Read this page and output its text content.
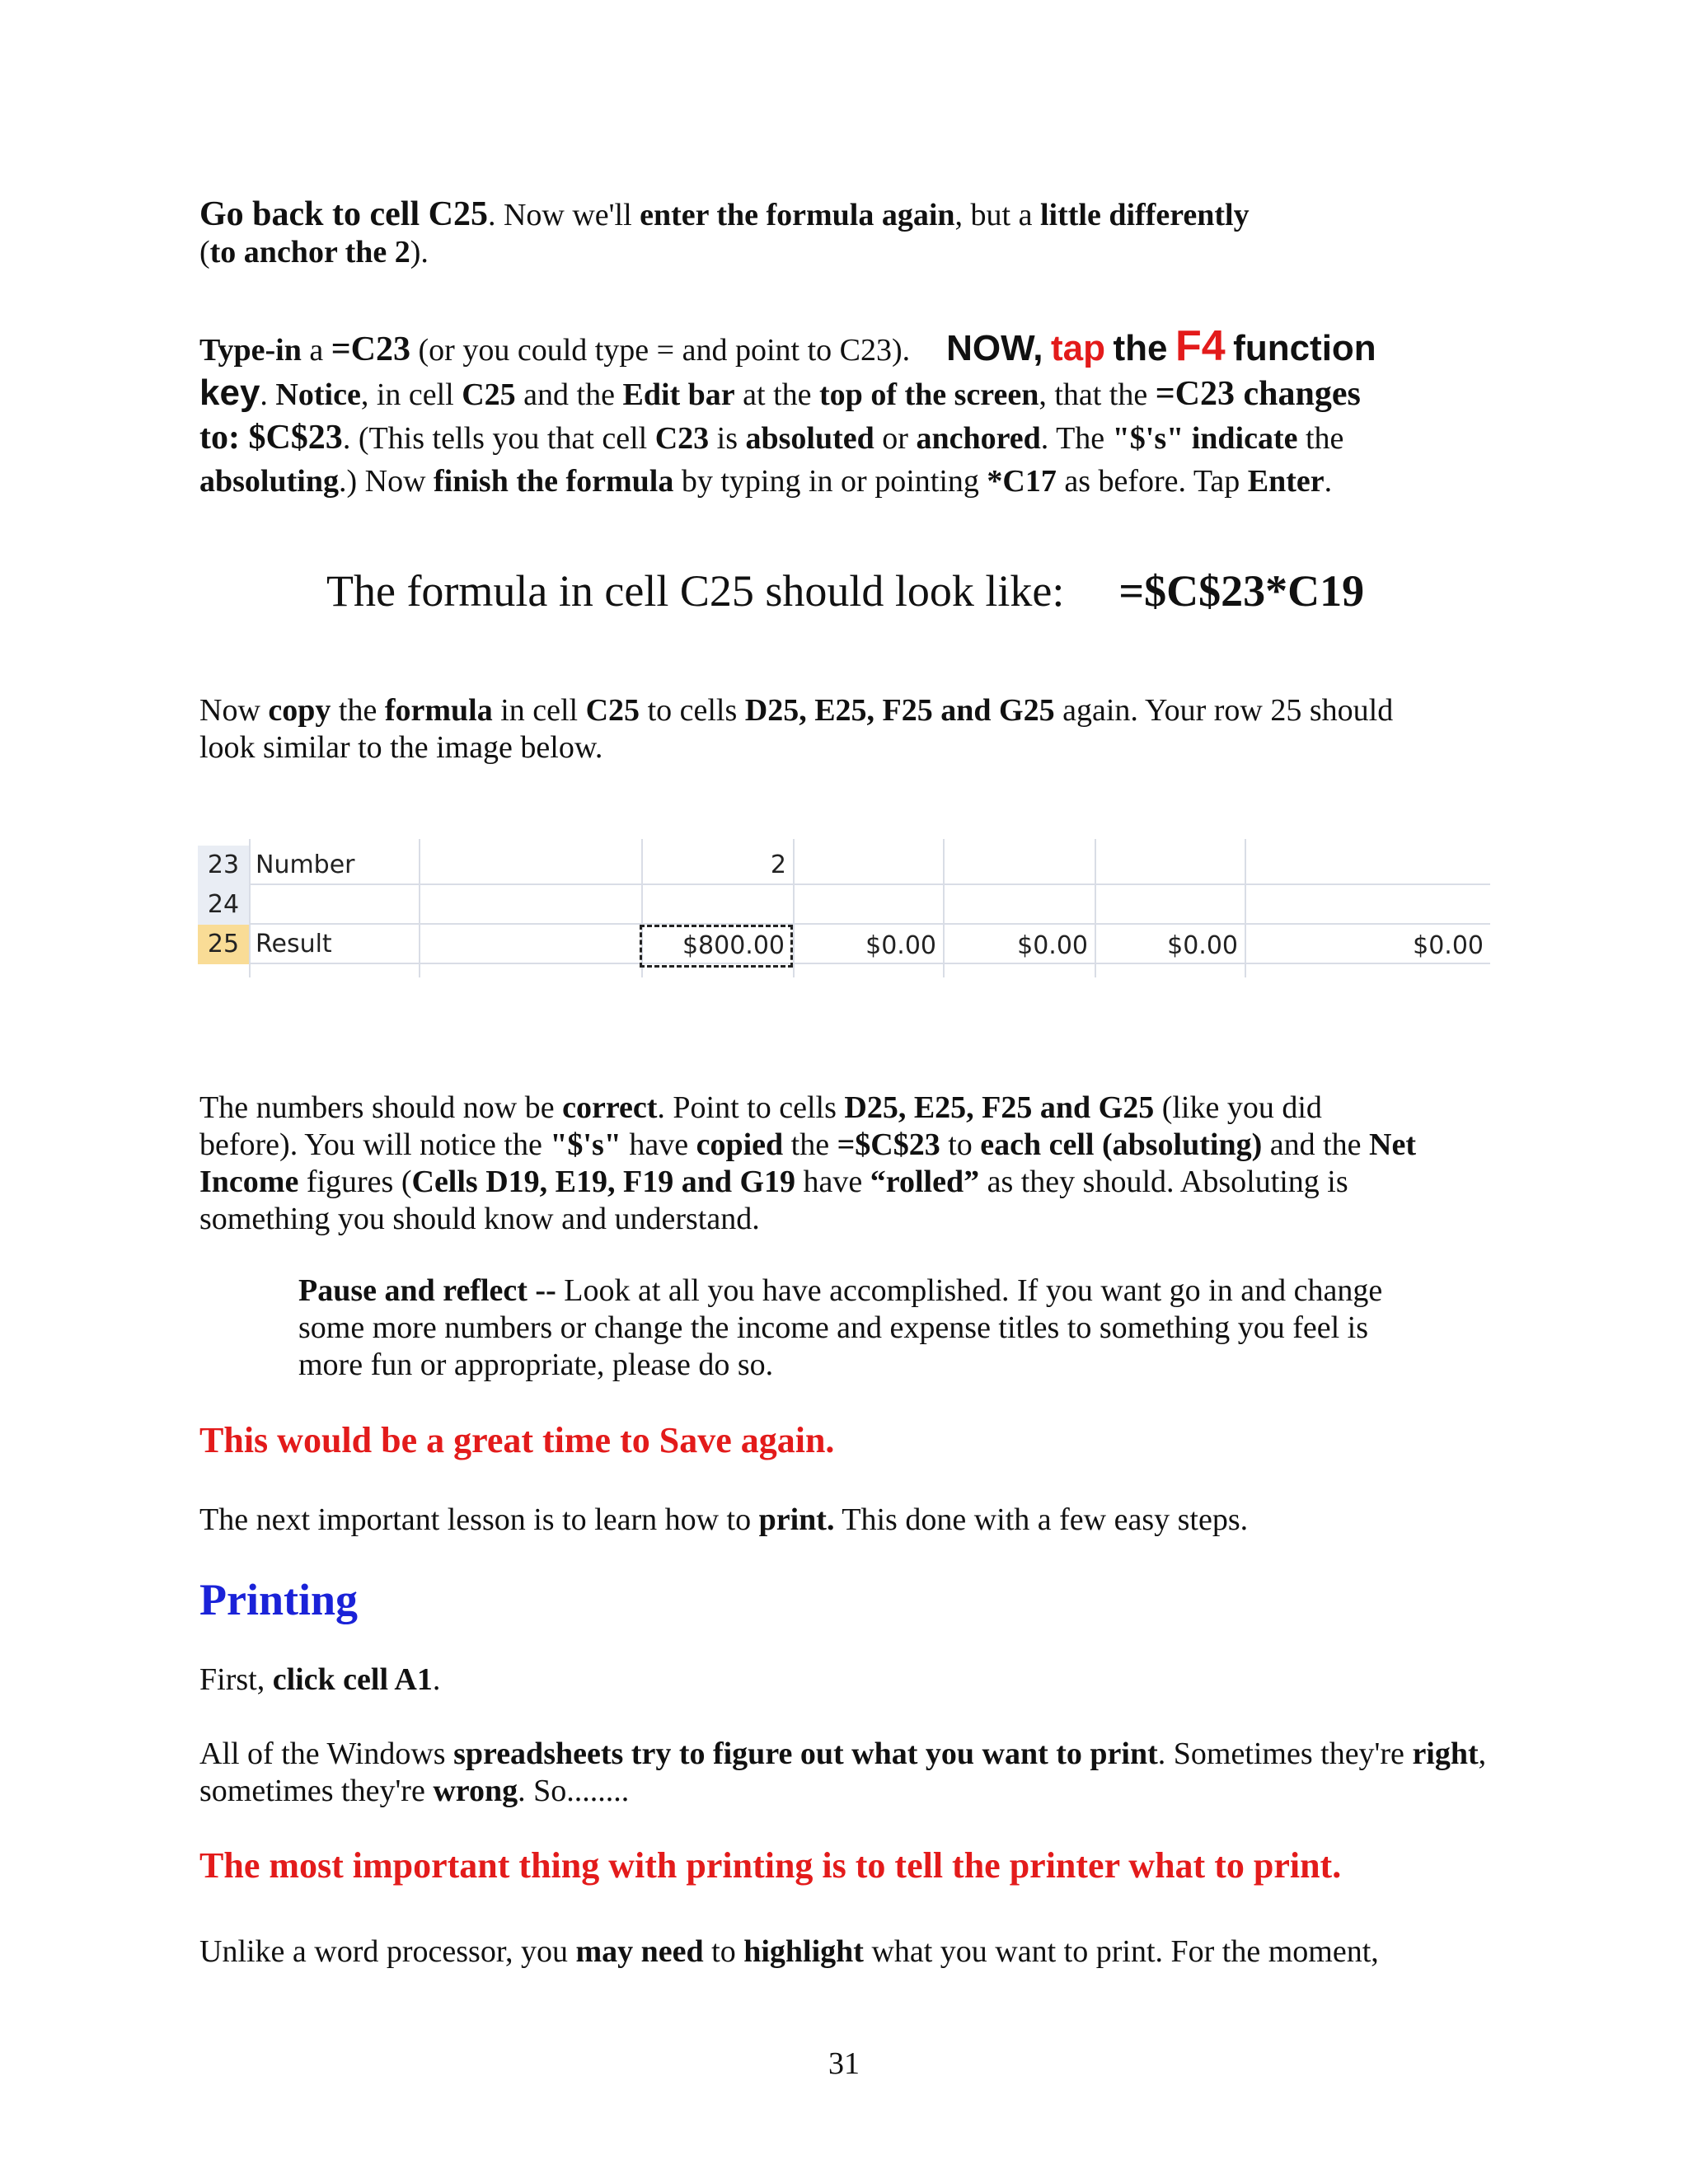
Go back to cell C25. Now we'll enter the formula again, but a little differently
(to anchor the 2).
Type-in a =C23 (or you could type = and point to C23). NOW, tap the F4 function
key. Notice, in cell C25 and the Edit bar at the top of the screen, that the =C23 changes
to: $C$23. (This tells you that cell C23 is absoluted or anchored. The "$'s" indicate the
absoluting.) Now finish the formula by typing in or pointing *C17 as before. Tap Enter.
The formula in cell C25 should look like: =$C$23*C19
Now copy the formula in cell C25 to cells D25, E25, F25 and G25 again. Your row 25 should
look similar to the image below.
23 Number	2
24
25 Result	$800.00	$0.00	$0.00	$0.00	$0.00
The numbers should now be correct. Point to cells D25, E25, F25 and G25 (like you did
before). You will notice the "$'s" have copied the =$C$23 to each cell (absoluting) and the Net
Income figures (Cells D19, E19, F19 and G19 have “rolled” as they should. Absoluting is
something you should know and understand.
Pause and reflect -- Look at all you have accomplished. If you want go in and change
some more numbers or change the income and expense titles to something you feel is
more fun or appropriate, please do so.
This would be a great time to Save again.
The next important lesson is to learn how to print. This done with a few easy steps.
Printing
First, click cell A1.
All of the Windows spreadsheets try to figure out what you want to print. Sometimes they're right,
sometimes they're wrong. So........
The most important thing with printing is to tell the printer what to print.
Unlike a word processor, you may need to highlight what you want to print. For the moment,
31
